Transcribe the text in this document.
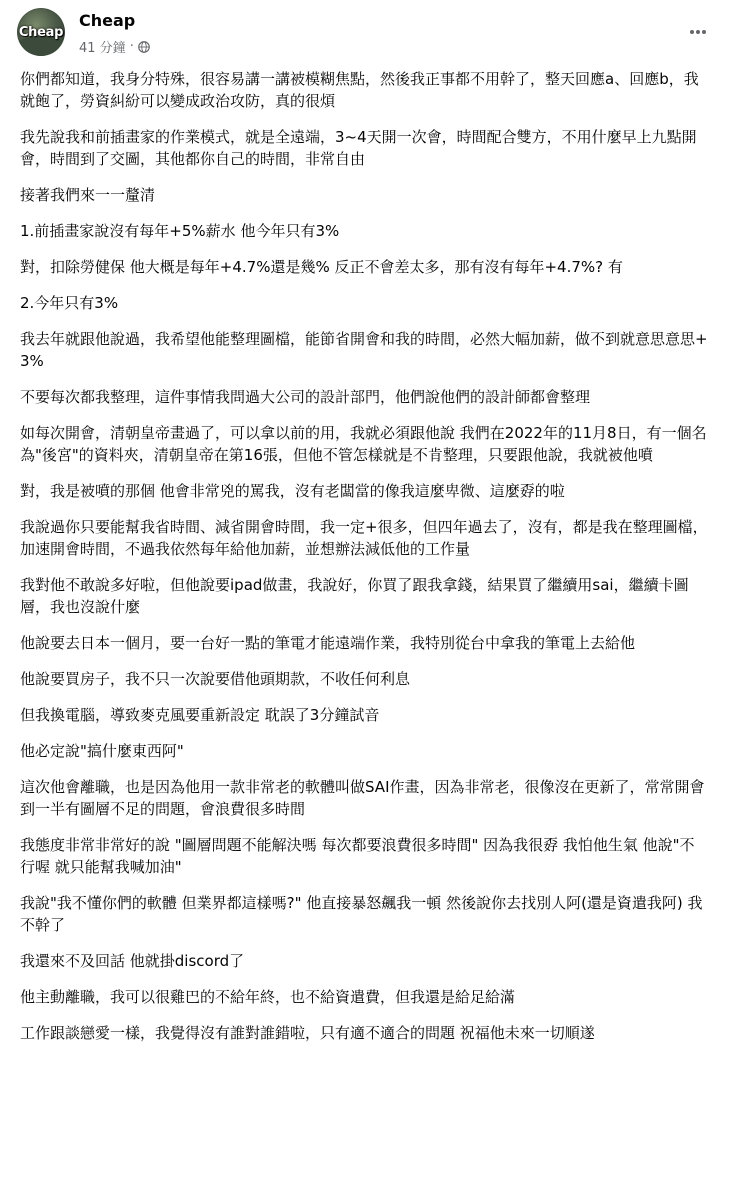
Cheap
Cheap
41 分鐘 ·

你們都知道，我身分特殊，很容易講一講被模糊焦點，然後我正事都不用幹了，整天回應a、回應b，我就飽了，勞資糾紛可以變成政治攻防，真的很煩

我先說我和前插畫家的作業模式，就是全遠端，3~4天開一次會，時間配合雙方，不用什麼早上九點開會，時間到了交圖，其他都你自己的時間，非常自由

接著我們來一一釐清

1.前插畫家說沒有每年+5%薪水 他今年只有3%

對，扣除勞健保 他大概是每年+4.7%還是幾% 反正不會差太多，那有沒有每年+4.7%? 有

2.今年只有3%

我去年就跟他說過，我希望他能整理圖檔，能節省開會和我的時間，必然大幅加薪，做不到就意思意思+3%

不要每次都我整理，這件事情我問過大公司的設計部門，他們說他們的設計師都會整理

如每次開會，清朝皇帝畫過了，可以拿以前的用，我就必須跟他說 我們在2022年的11月8日，有一個名為"後宮"的資料夾，清朝皇帝在第16張，但他不管怎樣就是不肯整理，只要跟他說，我就被他噴

對，我是被噴的那個 他會非常兇的罵我，沒有老闆當的像我這麼卑微、這麼孬的啦

我說過你只要能幫我省時間、減省開會時間，我一定+很多，但四年過去了，沒有，都是我在整理圖檔，加速開會時間，不過我依然每年給他加薪，並想辦法減低他的工作量

我對他不敢說多好啦，但他說要ipad做畫，我說好，你買了跟我拿錢，結果買了繼續用sai，繼續卡圖層，我也沒說什麼

他說要去日本一個月，要一台好一點的筆電才能遠端作業，我特別從台中拿我的筆電上去給他

他說要買房子，我不只一次說要借他頭期款，不收任何利息

但我換電腦，導致麥克風要重新設定 耽誤了3分鐘試音

他必定說"搞什麼東西阿"

這次他會離職，也是因為他用一款非常老的軟體叫做SAI作畫，因為非常老，很像沒在更新了，常常開會到一半有圖層不足的問題，會浪費很多時間

我態度非常非常好的說 "圖層問題不能解決嗎 每次都要浪費很多時間" 因為我很孬 我怕他生氣 他說"不行喔 就只能幫我喊加油"

我說"我不懂你們的軟體 但業界都這樣嗎?" 他直接暴怒飆我一頓 然後說你去找別人阿(還是資遣我阿) 我不幹了

我還來不及回話 他就掛discord了

他主動離職，我可以很雞巴的不給年終，也不給資遣費，但我還是給足給滿

工作跟談戀愛一樣，我覺得沒有誰對誰錯啦，只有適不適合的問題 祝福他未來一切順遂
